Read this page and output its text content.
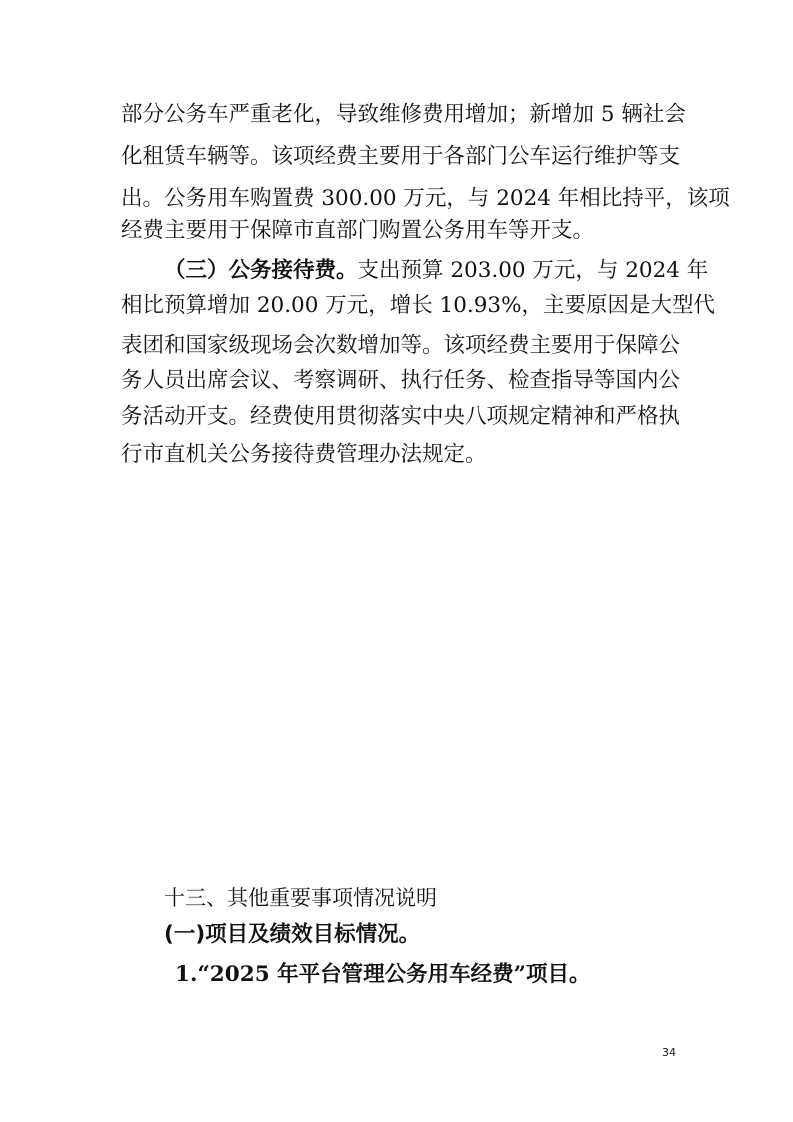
部分公务车严重老化，导致维修费用增加；新增加 5 辆社会
化租赁车辆等。该项经费主要用于各部门公车运行维护等支
出。公务用车购置费 300.00 万元，与 2024 年相比持平，该项
经费主要用于保障市直部门购置公务用车等开支。
（三）公务接待费。支出预算 203.00 万元，与 2024 年
相比预算增加 20.00 万元，增长 10.93%，主要原因是大型代
表团和国家级现场会次数增加等。该项经费主要用于保障公
务人员出席会议、考察调研、执行任务、检查指导等国内公
务活动开支。经费使用贯彻落实中央八项规定精神和严格执
行市直机关公务接待费管理办法规定。
十三、其他重要事项情况说明
(一)项目及绩效目标情况。
1.“2025 年平台管理公务用车经费”项目。
34
